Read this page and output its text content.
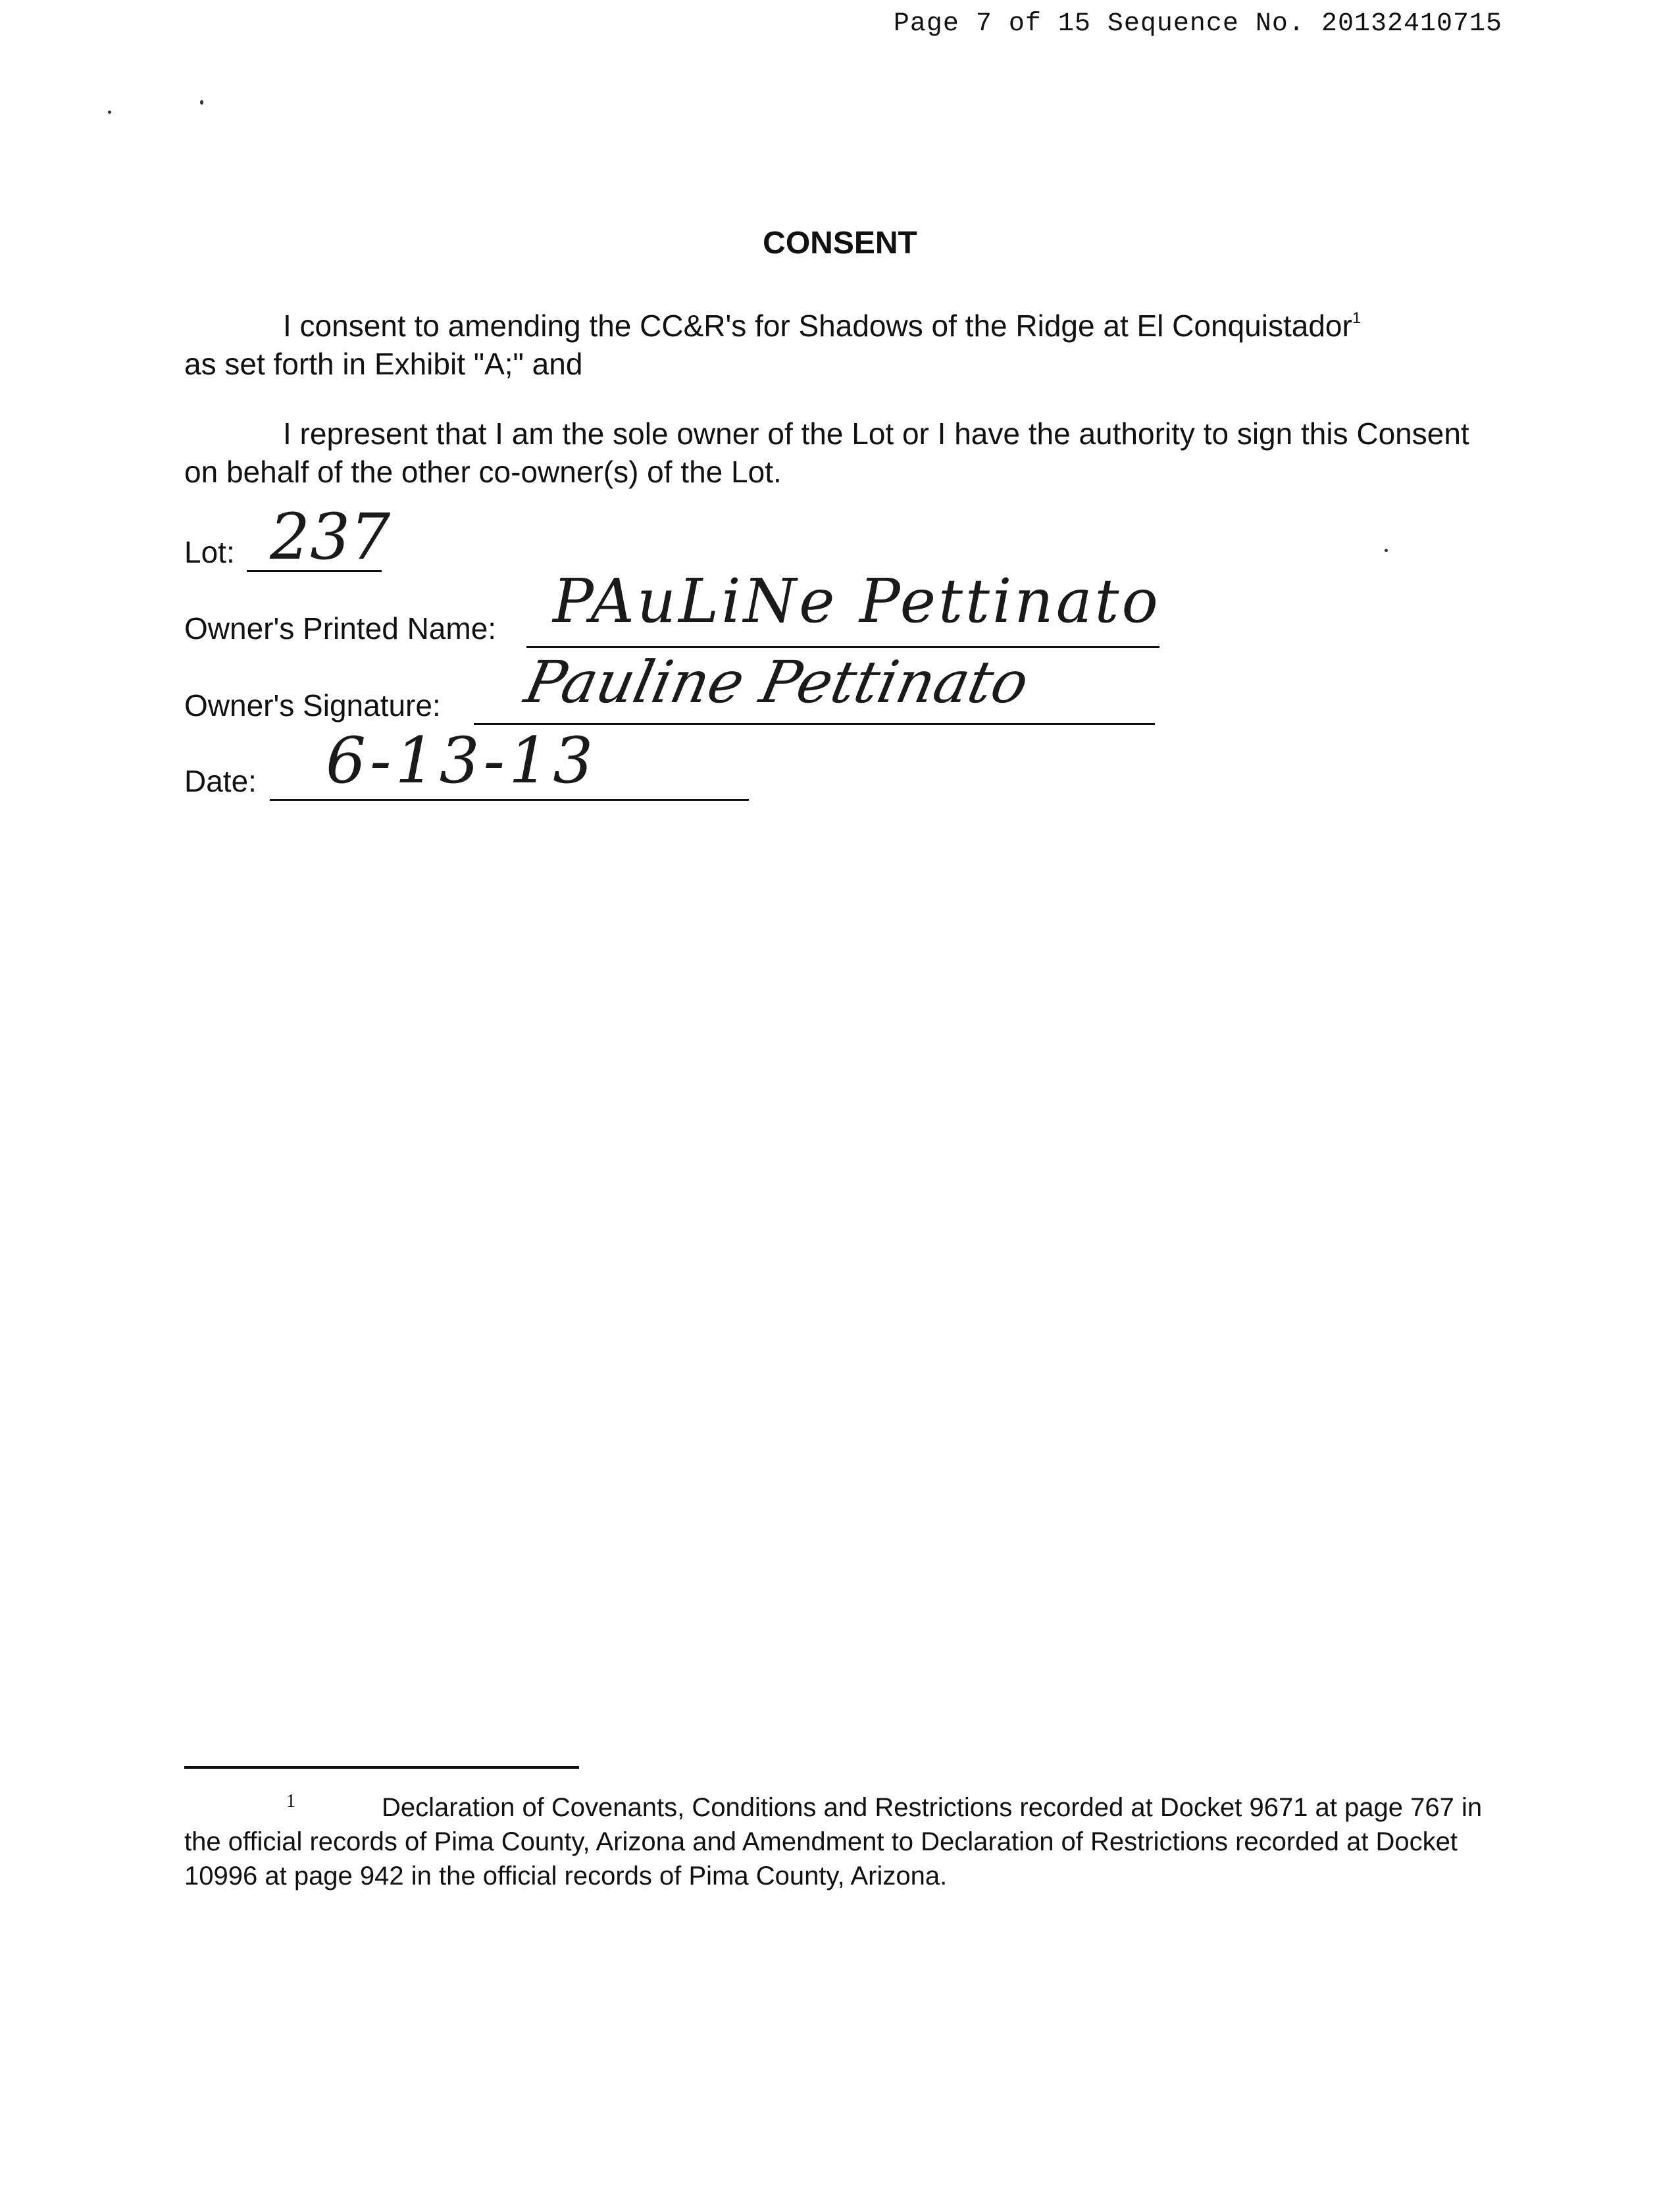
Page 7 of 15 Sequence No. 20132410715
CONSENT
I consent to amending the CC&R's for Shadows of the Ridge at El Conquistador$^1$
as set forth in Exhibit "A;" and
I represent that I am the sole owner of the Lot or I have the authority to sign this Consent on behalf of the other co-owner(s) of the Lot.
Lot: 237
Owner's Printed Name: PAuLiNe Pettinato
Owner's Signature: Pauline Pettinato
Date: 6-13-13
1	Declaration of Covenants, Conditions and Restrictions recorded at Docket 9671 at page 767 in the official records of Pima County, Arizona and Amendment to Declaration of Restrictions recorded at Docket 10996 at page 942 in the official records of Pima County, Arizona.
